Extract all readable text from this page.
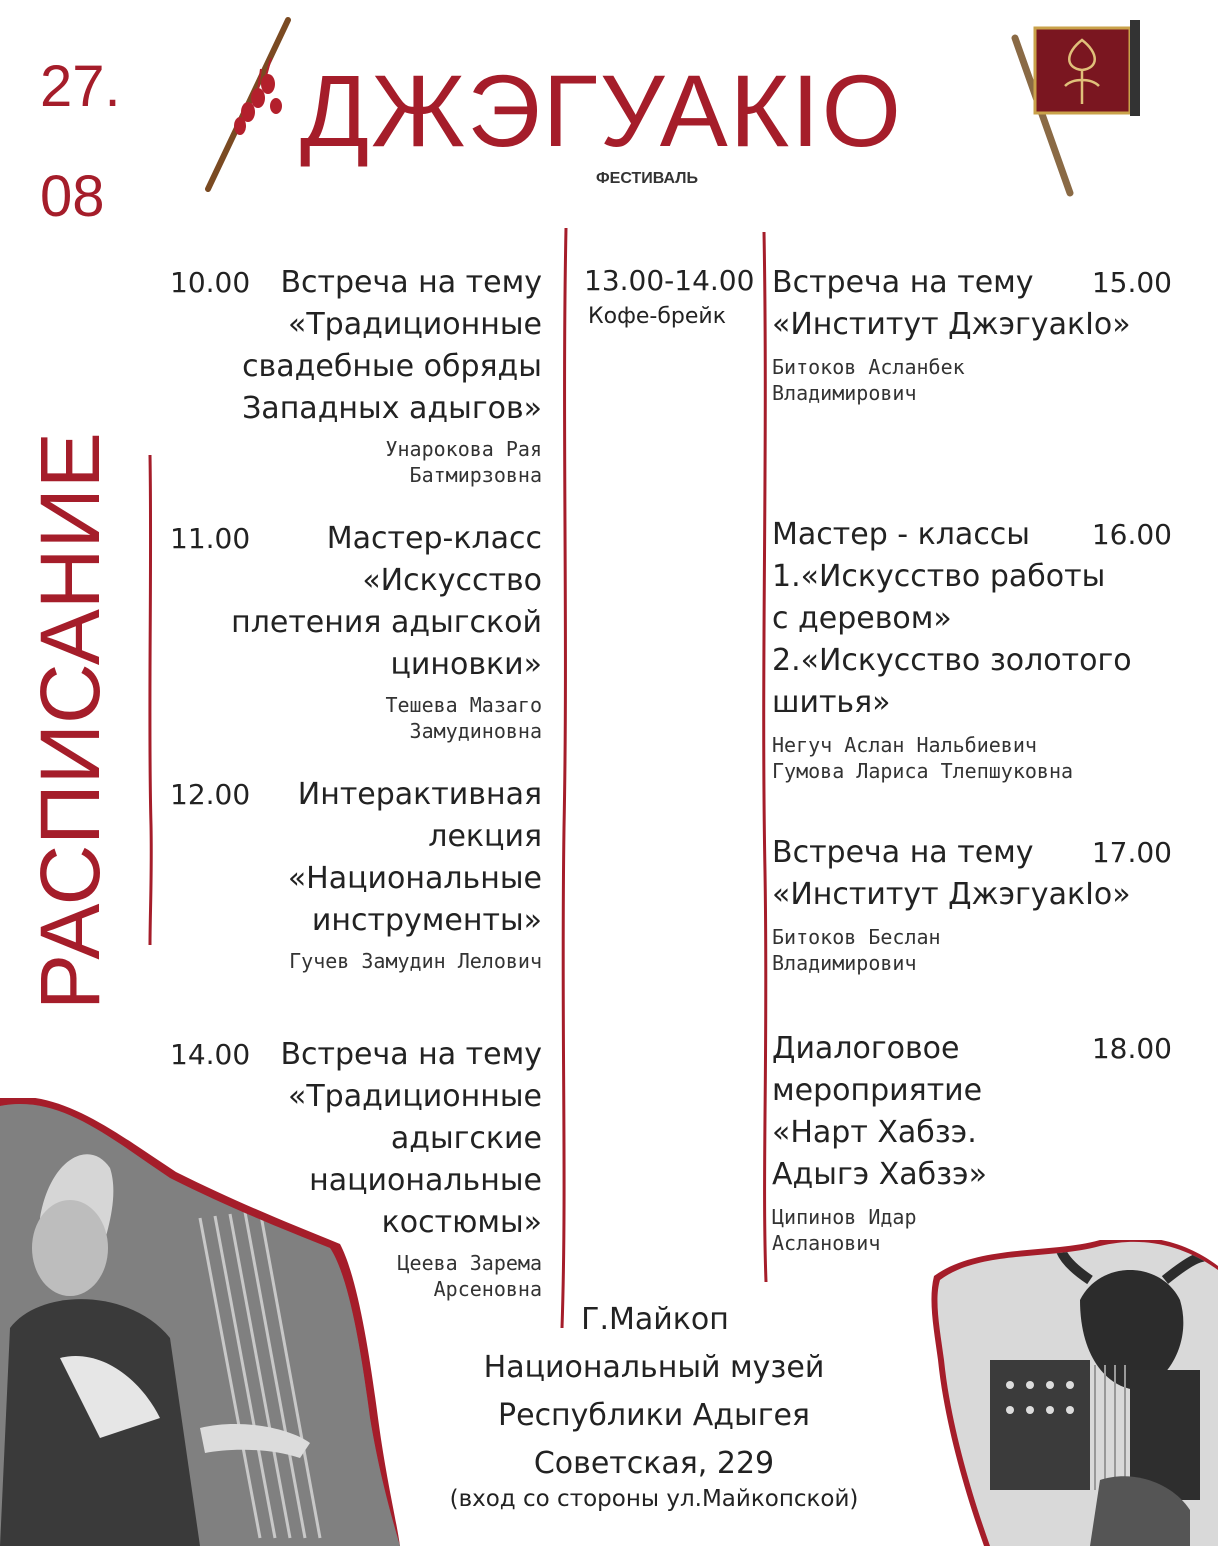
27.
08
ДЖЭГУАКІО
ФЕСТИВАЛЬ
РАСПИСАНИЕ
13.00-14.00
Кофе-брейк
10.00	Встреча на тему
«Традиционные
свадебные обряды
Западных адыгов»
Унарокова Рая
Батмирзовна
11.00	Мастер-класс
«Искусство
плетения адыгской
циновки»
Тешева Мазаго
Замудиновна
12.00	Интерактивная
лекция
«Национальные
инструменты»
Гучев Замудин Лелович
14.00	Встреча на тему
«Традиционные
адыгские
национальные
костюмы»
Цеева Зарема
Арсеновна
15.00
Встреча на тему
«Институт ДжэгуакІо»
Битоков Асланбек
Владимирович
16.00
Мастер - классы
1.«Искусство работы
с деревом»
2.«Искусство золотого
шитья»
Негуч Аслан Нальбиевич
Гумова Лариса Тлепшуковна
17.00
Встреча на тему
«Институт ДжэгуакІо»
Битоков Беслан
Владимирович
18.00
Диалоговое
мероприятие
«Нарт Хабзэ.
Адыгэ Хабзэ»
Ципинов Идар
Асланович
Г.Майкоп
Национальный музей
Республики Адыгея
Советская, 229
(вход со стороны ул.Майкопской)
